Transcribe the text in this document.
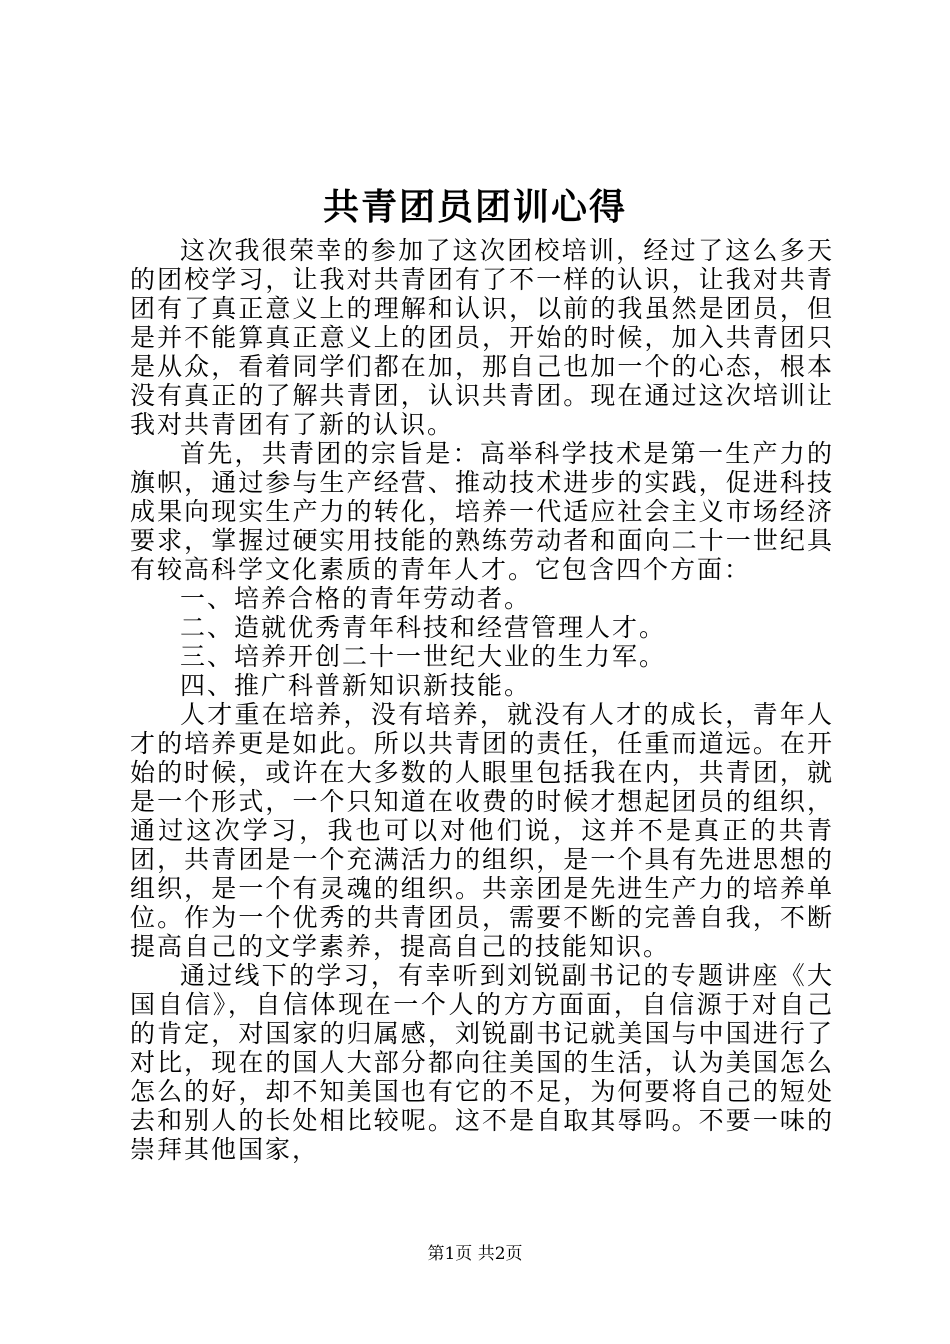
共青团员团训心得

这次我很荣幸的参加了这次团校培训，经过了这么多天的团校学习，让我对共青团有了不一样的认识，让我对共青团有了真正意义上的理解和认识，以前的我虽然是团员，但是并不能算真正意义上的团员，开始的时候，加入共青团只是从众，看着同学们都在加，那自己也加一个的心态，根本没有真正的了解共青团，认识共青团。现在通过这次培训让我对共青团有了新的认识。

首先，共青团的宗旨是：高举科学技术是第一生产力的旗帜，通过参与生产经营、推动技术进步的实践，促进科技成果向现实生产力的转化，培养一代适应社会主义市场经济要求，掌握过硬实用技能的熟练劳动者和面向二十一世纪具有较高科学文化素质的青年人才。它包含四个方面：

一、培养合格的青年劳动者。

二、造就优秀青年科技和经营管理人才。

三、培养开创二十一世纪大业的生力军。

四、推广科普新知识新技能。

人才重在培养，没有培养，就没有人才的成长，青年人才的培养更是如此。所以共青团的责任，任重而道远。在开始的时候，或许在大多数的人眼里包括我在内，共青团，就是一个形式，一个只知道在收费的时候才想起团员的组织，通过这次学习，我也可以对他们说，这并不是真正的共青团，共青团是一个充满活力的组织，是一个具有先进思想的组织，是一个有灵魂的组织。共亲团是先进生产力的培养单位。作为一个优秀的共青团员，需要不断的完善自我，不断提高自己的文学素养，提高自己的技能知识。

通过线下的学习，有幸听到刘锐副书记的专题讲座《大国自信》，自信体现在一个人的方方面面，自信源于对自己的肯定，对国家的归属感，刘锐副书记就美国与中国进行了对比，现在的国人大部分都向往美国的生活，认为美国怎么怎么的好，却不知美国也有它的不足，为何要将自己的短处去和别人的长处相比较呢。这不是自取其辱吗。不要一味的崇拜其他国家，

第1页 共2页
